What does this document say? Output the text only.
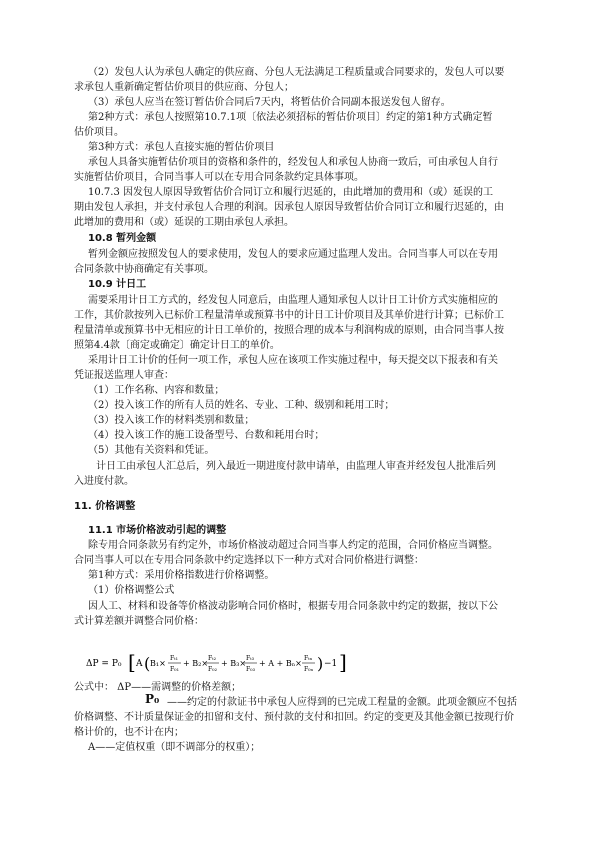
（2）发包人认为承包人确定的供应商、分包人无法满足工程质量或合同要求的，发包人可以要
求承包人重新确定暂估价项目的供应商、分包人；
（3）承包人应当在签订暂估价合同后7天内，将暂估价合同副本报送发包人留存。
第2种方式：承包人按照第10.7.1项〔依法必须招标的暂估价项目〕约定的第1种方式确定暂
估价项目。
第3种方式：承包人直接实施的暂估价项目
承包人具备实施暂估价项目的资格和条件的，经发包人和承包人协商一致后，可由承包人自行
实施暂估价项目，合同当事人可以在专用合同条款约定具体事项。
10.7.3 因发包人原因导致暂估价合同订立和履行迟延的，由此增加的费用和（或）延误的工
期由发包人承担，并支付承包人合理的利润。因承包人原因导致暂估价合同订立和履行迟延的，由
此增加的费用和（或）延误的工期由承包人承担。
10.8 暂列金额
暂列金额应按照发包人的要求使用，发包人的要求应通过监理人发出。合同当事人可以在专用
合同条款中协商确定有关事项。
10.9 计日工
需要采用计日工方式的，经发包人同意后，由监理人通知承包人以计日工计价方式实施相应的
工作，其价款按列入已标价工程量清单或预算书中的计日工计价项目及其单价进行计算；已标价工
程量清单或预算书中无相应的计日工单价的，按照合理的成本与利润构成的原则，由合同当事人按
照第4.4款〔商定或确定〕确定计日工的单价。
采用计日工计价的任何一项工作，承包人应在该项工作实施过程中，每天提交以下报表和有关
凭证报送监理人审查：
（1）工作名称、内容和数量；
（2）投入该工作的所有人员的姓名、专业、工种、级别和耗用工时；
（3）投入该工作的材料类别和数量；
（4）投入该工作的施工设备型号、台数和耗用台时；
（5）其他有关资料和凭证。
计日工由承包人汇总后，列入最近一期进度付款申请单，由监理人审查并经发包人批准后列
入进度付款。
11. 价格调整
11.1 市场价格波动引起的调整
除专用合同条款另有约定外，市场价格波动超过合同当事人约定的范围，合同价格应当调整。
合同当事人可以在专用合同条款中约定选择以下一种方式对合同价格进行调整：
第1种方式：采用价格指数进行价格调整。
（1）价格调整公式
因人工、材料和设备等价格波动影响合同价格时，根据专用合同条款中约定的数据，按以下公
式计算差额并调整合同价格：
ΔP = P₀ [ A ( B₁×
Fₜ₁
F₀₁
+ B₂×
Fₜ₂
F₀₂
+ B₃×
Fₜ₃
F₀₃
+ A + Bₙ×
Fₜₙ
F₀ₙ ) −1 ]
公式中： ΔP——需调整的价格差额；
P₀ ——约定的付款证书中承包人应得到的已完成工程量的金额。此项金额应不包括
价格调整、不计质量保证金的扣留和支付、预付款的支付和扣回。约定的变更及其他金额已按现行价
格计价的，也不计在内；
A——定值权重（即不调部分的权重）；
